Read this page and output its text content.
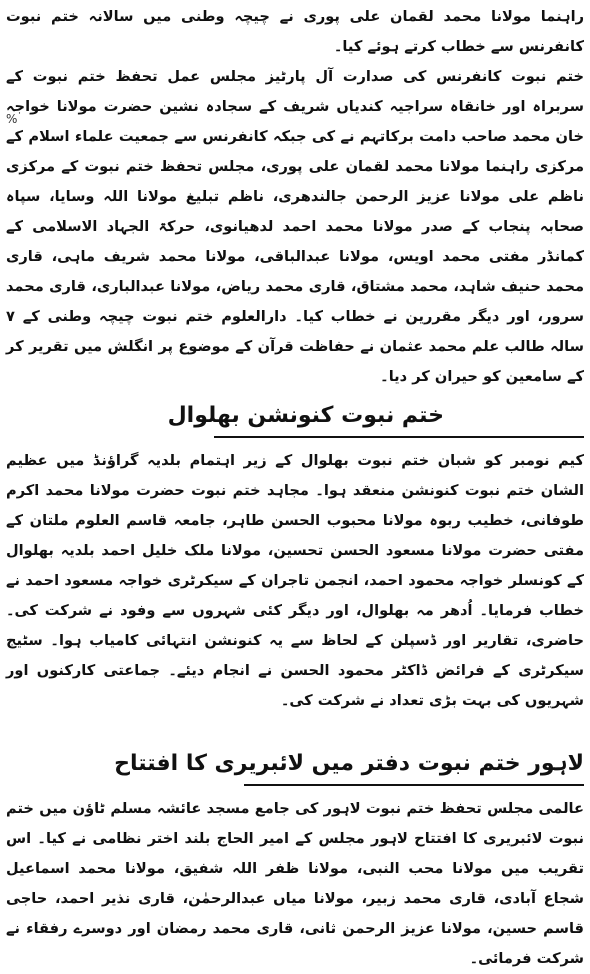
%

راہنما مولانا محمد لقمان علی پوری نے چیچہ وطنی میں سالانہ ختم نبوت کانفرنس سے خطاب کرتے ہوئے کیا۔

ختم نبوت کانفرنس کی صدارت آل پارٹیز مجلس عمل تحفظ ختم نبوت کے سربراہ اور خانقاہ سراجیہ کندیاں شریف کے سجادہ نشین حضرت مولانا خواجہ خان محمد صاحب دامت برکاتہم نے کی جبکہ کانفرنس سے جمعیت علماء اسلام کے مرکزی راہنما مولانا محمد لقمان علی پوری، مجلس تحفظ ختم نبوت کے مرکزی ناظم علی مولانا عزیز الرحمن جالندھری، ناظم تبلیغ مولانا اللہ وسایا، سپاہ صحابہ پنجاب کے صدر مولانا محمد احمد لدھیانوی، حرکۃ الجہاد الاسلامی کے کمانڈر مفتی محمد اویس، مولانا عبدالباقی، مولانا محمد شریف ماہی، قاری محمد حنیف شاہد، محمد مشتاق، قاری محمد ریاض، مولانا عبدالباری، قاری محمد سرور، اور دیگر مقررین نے خطاب کیا۔ دارالعلوم ختم نبوت چیچہ وطنی کے ۷ سالہ طالب علم محمد عثمان نے حفاظت قرآن کے موضوع پر انگلش میں تقریر کر کے سامعین کو حیران کر دیا۔

ختم نبوت کنونشن بھلوال

کیم نومبر کو شبان ختم نبوت بھلوال کے زیر اہتمام بلدیہ گراؤنڈ میں عظیم الشان ختم نبوت کنونشن منعقد ہوا۔ مجاہد ختم نبوت حضرت مولانا محمد اکرم طوفانی، خطیب ربوہ مولانا محبوب الحسن طاہر، جامعہ قاسم العلوم ملتان کے مفتی حضرت مولانا مسعود الحسن تحسین، مولانا ملک خلیل احمد بلدیہ بھلوال کے کونسلر خواجہ محمود احمد، انجمن تاجران کے سیکرٹری خواجہ مسعود احمد نے خطاب فرمایا۔ اُدھر مہ بھلوال، اور دیگر کئی شہروں سے وفود نے شرکت کی۔ حاضری، تقاریر اور ڈسپلن کے لحاظ سے یہ کنونشن انتہائی کامیاب ہوا۔ سٹیج سیکرٹری کے فرائض ڈاکٹر محمود الحسن نے انجام دیئے۔ جماعتی کارکنوں اور شہریوں کی بہت بڑی تعداد نے شرکت کی۔

لاہور ختم نبوت دفتر میں لائبریری کا افتتاح

عالمی مجلس تحفظ ختم نبوت لاہور کی جامع مسجد عائشہ مسلم ٹاؤن میں ختم نبوت لائبریری کا افتتاح لاہور مجلس کے امیر الحاج بلند اختر نظامی نے کیا۔ اس تقریب میں مولانا محب النبی، مولانا ظفر اللہ شفیق، مولانا محمد اسماعیل شجاع آبادی، قاری محمد زبیر، مولانا میاں عبدالرحمٰن، قاری نذیر احمد، حاجی قاسم حسین، مولانا عزیز الرحمن ثانی، قاری محمد رمضان اور دوسرے رفقاء نے شرکت فرمائی۔
